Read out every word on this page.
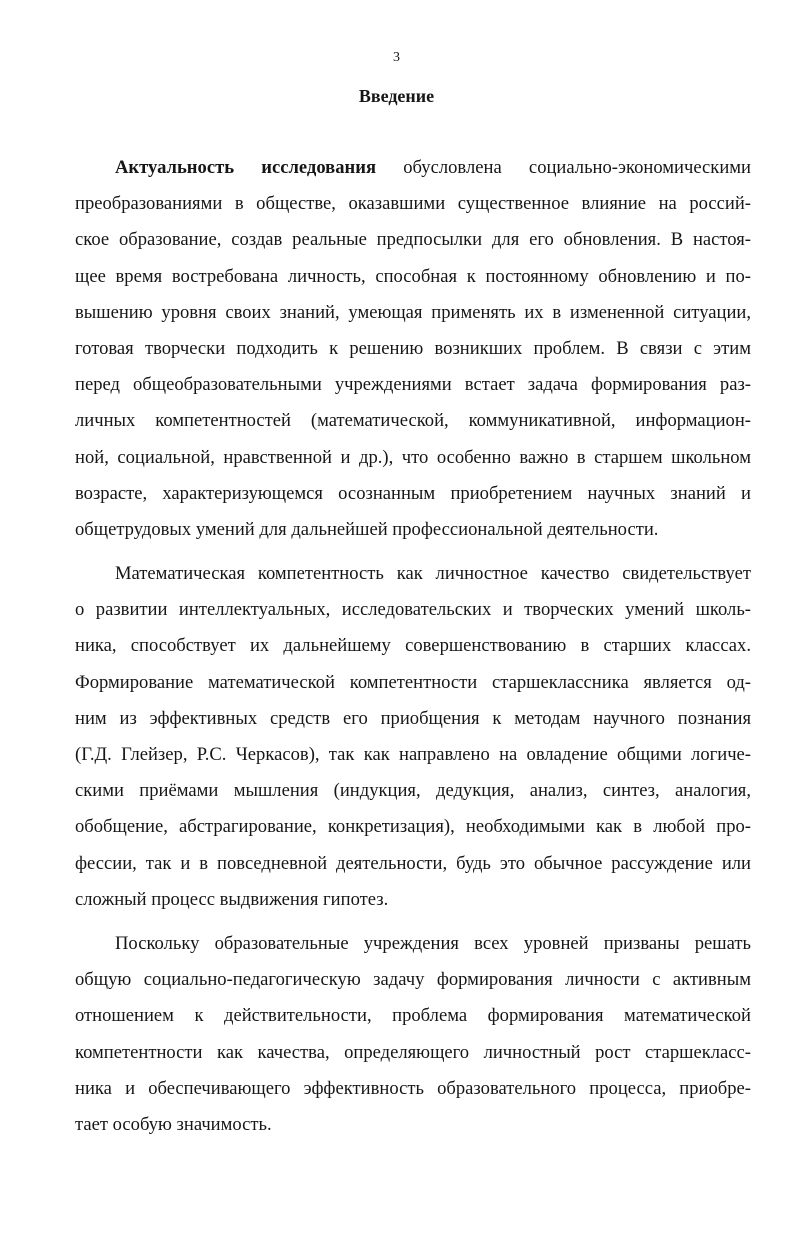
3
Введение
Актуальность исследования обусловлена социально-экономическими
преобразованиями в обществе, оказавшими существенное влияние на россий-
ское образование, создав реальные предпосылки для его обновления. В настоя-
щее время востребована личность, способная к постоянному обновлению и по-
вышению уровня своих знаний, умеющая применять их в измененной ситуации,
готовая творчески подходить к решению возникших проблем. В связи с этим
перед общеобразовательными учреждениями встает задача формирования раз-
личных компетентностей (математической, коммуникативной, информацион-
ной, социальной, нравственной и др.), что особенно важно в старшем школьном
возрасте, характеризующемся осознанным приобретением научных знаний и
общетрудовых умений для дальнейшей профессиональной деятельности.
Математическая компетентность как личностное качество свидетельствует
о развитии интеллектуальных, исследовательских и творческих умений школь-
ника, способствует их дальнейшему совершенствованию в старших классах.
Формирование математической компетентности старшеклассника является од-
ним из эффективных средств его приобщения к методам научного познания
(Г.Д. Глейзер, Р.С. Черкасов), так как направлено на овладение общими логиче-
скими приёмами мышления (индукция, дедукция, анализ, синтез, аналогия,
обобщение, абстрагирование, конкретизация), необходимыми как в любой про-
фессии, так и в повседневной деятельности, будь это обычное рассуждение или
сложный процесс выдвижения гипотез.
Поскольку образовательные учреждения всех уровней призваны решать
общую социально-педагогическую задачу формирования личности с активным
отношением к действительности, проблема формирования математической
компетентности как качества, определяющего личностный рост старшекласс-
ника и обеспечивающего эффективность образовательного процесса, приобре-
тает особую значимость.
